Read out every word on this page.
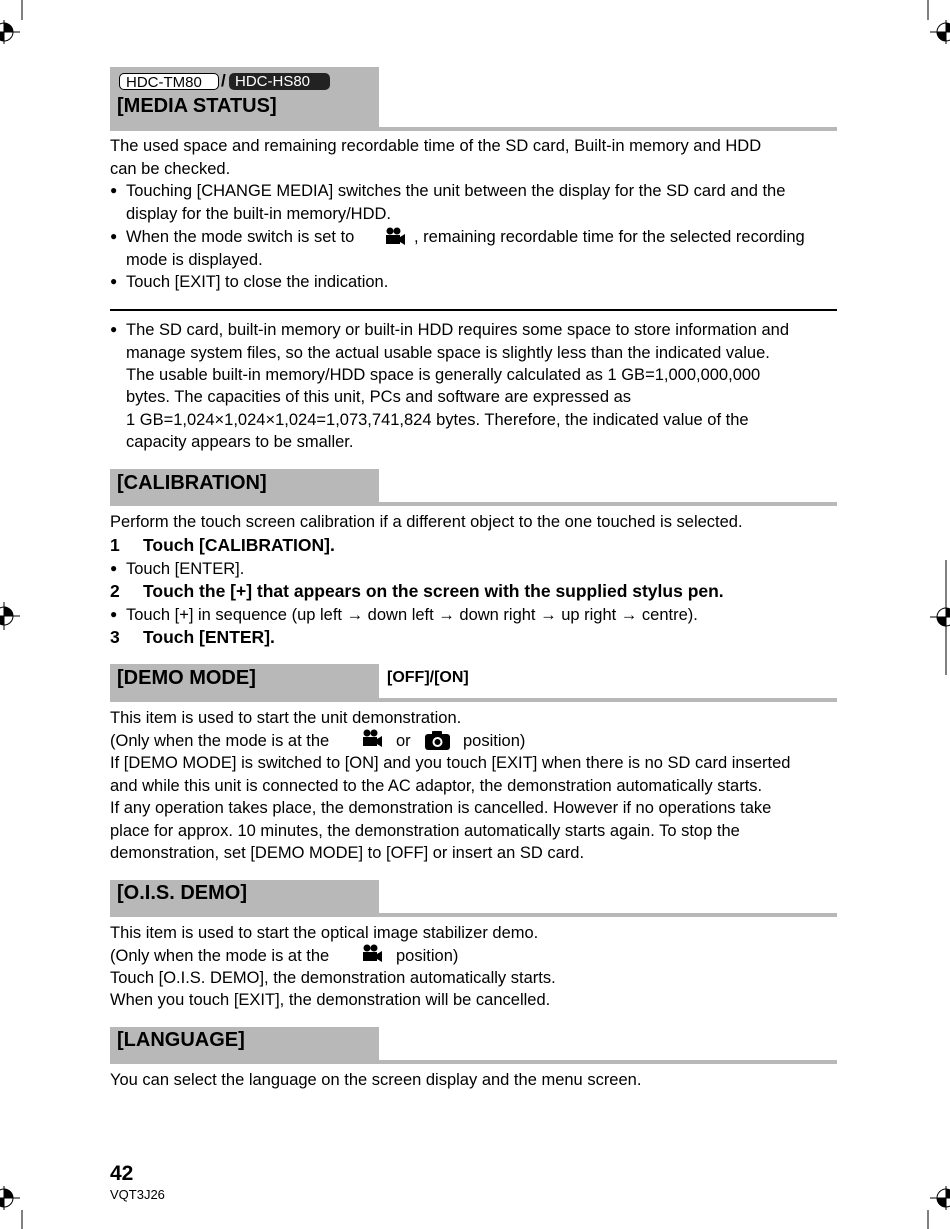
HDC-TM80	/ HDC-HS80
[MEDIA STATUS]
The used space and remaining recordable time of the SD card, Built-in memory and HDD
can be checked.
● Touching [CHANGE MEDIA] switches the unit between the display for the SD card and the
display for the built-in memory/HDD.
● When the mode switch is set to	, remaining recordable time for the selected recording
mode is displayed.
● Touch [EXIT] to close the indication.
● The SD card, built-in memory or built-in HDD requires some space to store information and
manage system files, so the actual usable space is slightly less than the indicated value.
The usable built-in memory/HDD space is generally calculated as 1 GB=1,000,000,000
bytes. The capacities of this unit, PCs and software are expressed as
1 GB=1,024×1,024×1,024=1,073,741,824 bytes. Therefore, the indicated value of the
capacity appears to be smaller.
[CALIBRATION]
Perform the touch screen calibration if a different object to the one touched is selected.
1 Touch [CALIBRATION].
● Touch [ENTER].
2 Touch the [+] that appears on the screen with the supplied stylus pen.
● Touch [+] in sequence (up left → down left → down right → up right → centre).
3 Touch [ENTER].
[DEMO MODE]	[OFF]/[ON]
This item is used to start the unit demonstration.
(Only when the mode is at the	or	position)
If [DEMO MODE] is switched to [ON] and you touch [EXIT] when there is no SD card inserted
and while this unit is connected to the AC adaptor, the demonstration automatically starts.
If any operation takes place, the demonstration is cancelled. However if no operations take
place for approx. 10 minutes, the demonstration automatically starts again. To stop the
demonstration, set [DEMO MODE] to [OFF] or insert an SD card.
[O.I.S. DEMO]
This item is used to start the optical image stabilizer demo.
(Only when the mode is at the	position)
Touch [O.I.S. DEMO], the demonstration automatically starts.
When you touch [EXIT], the demonstration will be cancelled.
[LANGUAGE]
You can select the language on the screen display and the menu screen.
42
VQT3J26
